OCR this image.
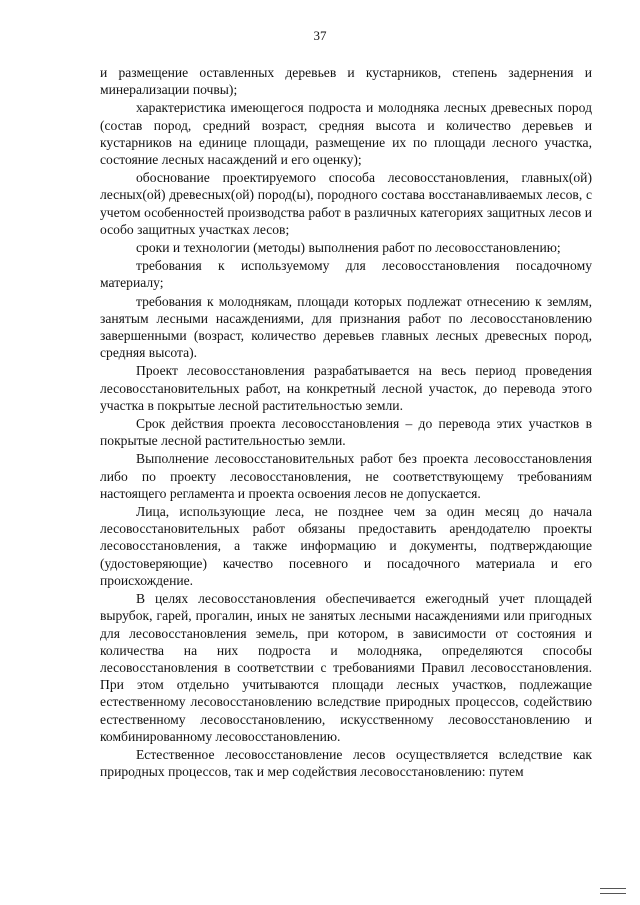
37

и размещение оставленных деревьев и кустарников, степень задернения и минерализации почвы);

характеристика имеющегося подроста и молодняка лесных древесных пород (состав пород, средний возраст, средняя высота и количество деревьев и кустарников на единице площади, размещение их по площади лесного участка, состояние лесных насаждений и его оценку);

обоснование проектируемого способа лесовосстановления, главных(ой) лесных(ой) древесных(ой) пород(ы), породного состава восстанавливаемых лесов, с учетом особенностей производства работ в различных категориях защитных лесов и особо защитных участках лесов;

сроки и технологии (методы) выполнения работ по лесовосстановлению;

требования к используемому для лесовосстановления посадочному материалу;

требования к молоднякам, площади которых подлежат отнесению к землям, занятым лесными насаждениями, для признания работ по лесовосстановлению завершенными (возраст, количество деревьев главных лесных древесных пород, средняя высота).

Проект лесовосстановления разрабатывается на весь период проведения лесовосстановительных работ, на конкретный лесной участок, до перевода этого участка в покрытые лесной растительностью земли.

Срок действия проекта лесовосстановления – до перевода этих участков в покрытые лесной растительностью земли.

Выполнение лесовосстановительных работ без проекта лесовосстановления либо по проекту лесовосстановления, не соответствующему требованиям настоящего регламента и проекта освоения лесов не допускается.

Лица, использующие леса, не позднее чем за один месяц до начала лесовосстановительных работ обязаны предоставить арендодателю проекты лесовосстановления, а также информацию и документы, подтверждающие (удостоверяющие) качество посевного и посадочного материала и его происхождение.

В целях лесовосстановления обеспечивается ежегодный учет площадей вырубок, гарей, прогалин, иных не занятых лесными насаждениями или пригодных для лесовосстановления земель, при котором, в зависимости от состояния и количества на них подроста и молодняка, определяются способы лесовосстановления в соответствии с требованиями Правил лесовосстановления. При этом отдельно учитываются площади лесных участков, подлежащие естественному лесовосстановлению вследствие природных процессов, содействию естественному лесовосстановлению, искусственному лесовосстановлению и комбинированному лесовосстановлению.

Естественное лесовосстановление лесов осуществляется вследствие как природных процессов, так и мер содействия лесовосстановлению: путем
